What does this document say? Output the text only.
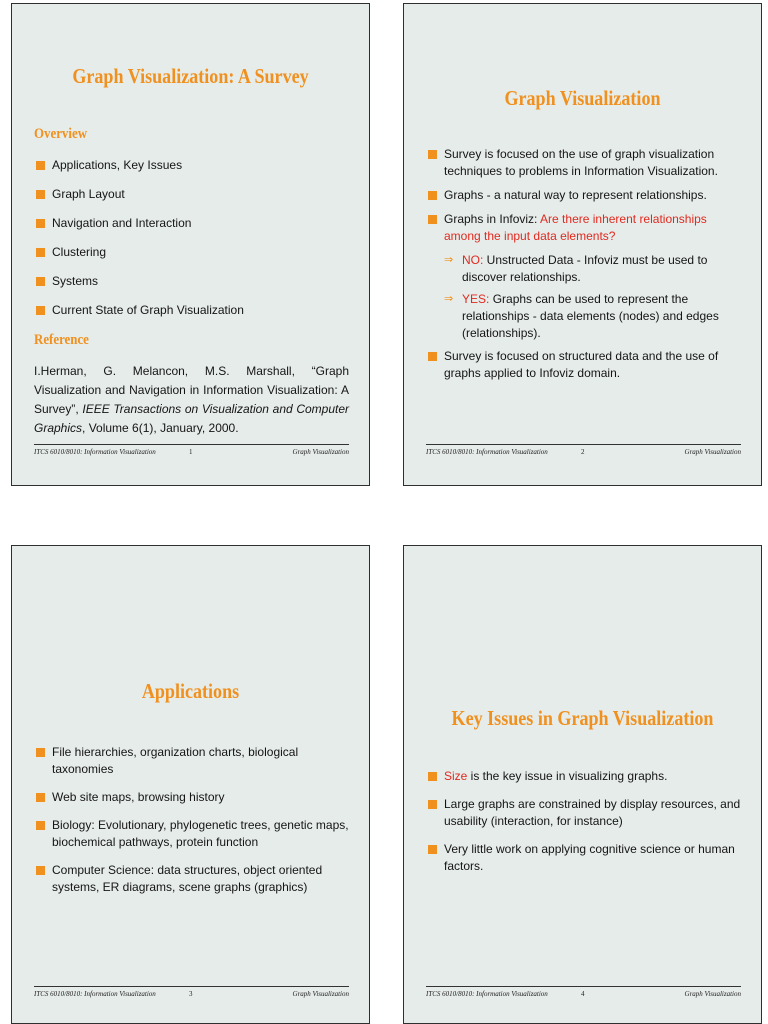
Graph Visualization: A Survey
Overview
Applications, Key Issues
Graph Layout
Navigation and Interaction
Clustering
Systems
Current State of Graph Visualization
Reference
I.Herman, G. Melancon, M.S. Marshall, “Graph Visualization and Navigation in Information Visualization: A Survey”, IEEE Transactions on Visualization and Computer Graphics, Volume 6(1), January, 2000.
ITCS 6010/8010: Information Visualization	1	Graph Visualization
Graph Visualization
Survey is focused on the use of graph visualization techniques to problems in Information Visualization.
Graphs - a natural way to represent relationships.
Graphs in Infoviz: Are there inherent relationships among the input data elements?
⇒ NO: Unstructed Data - Infoviz must be used to discover relationships.
⇒ YES: Graphs can be used to represent the relationships - data elements (nodes) and edges (relationships).
Survey is focused on structured data and the use of graphs applied to Infoviz domain.
ITCS 6010/8010: Information Visualization	2	Graph Visualization
Applications
File hierarchies, organization charts, biological taxonomies
Web site maps, browsing history
Biology: Evolutionary, phylogenetic trees, genetic maps, biochemical pathways, protein function
Computer Science: data structures, object oriented systems, ER diagrams, scene graphs (graphics)
ITCS 6010/8010: Information Visualization	3	Graph Visualization
Key Issues in Graph Visualization
Size is the key issue in visualizing graphs.
Large graphs are constrained by display resources, and usability (interaction, for instance)
Very little work on applying cognitive science or human factors.
ITCS 6010/8010: Information Visualization	4	Graph Visualization
